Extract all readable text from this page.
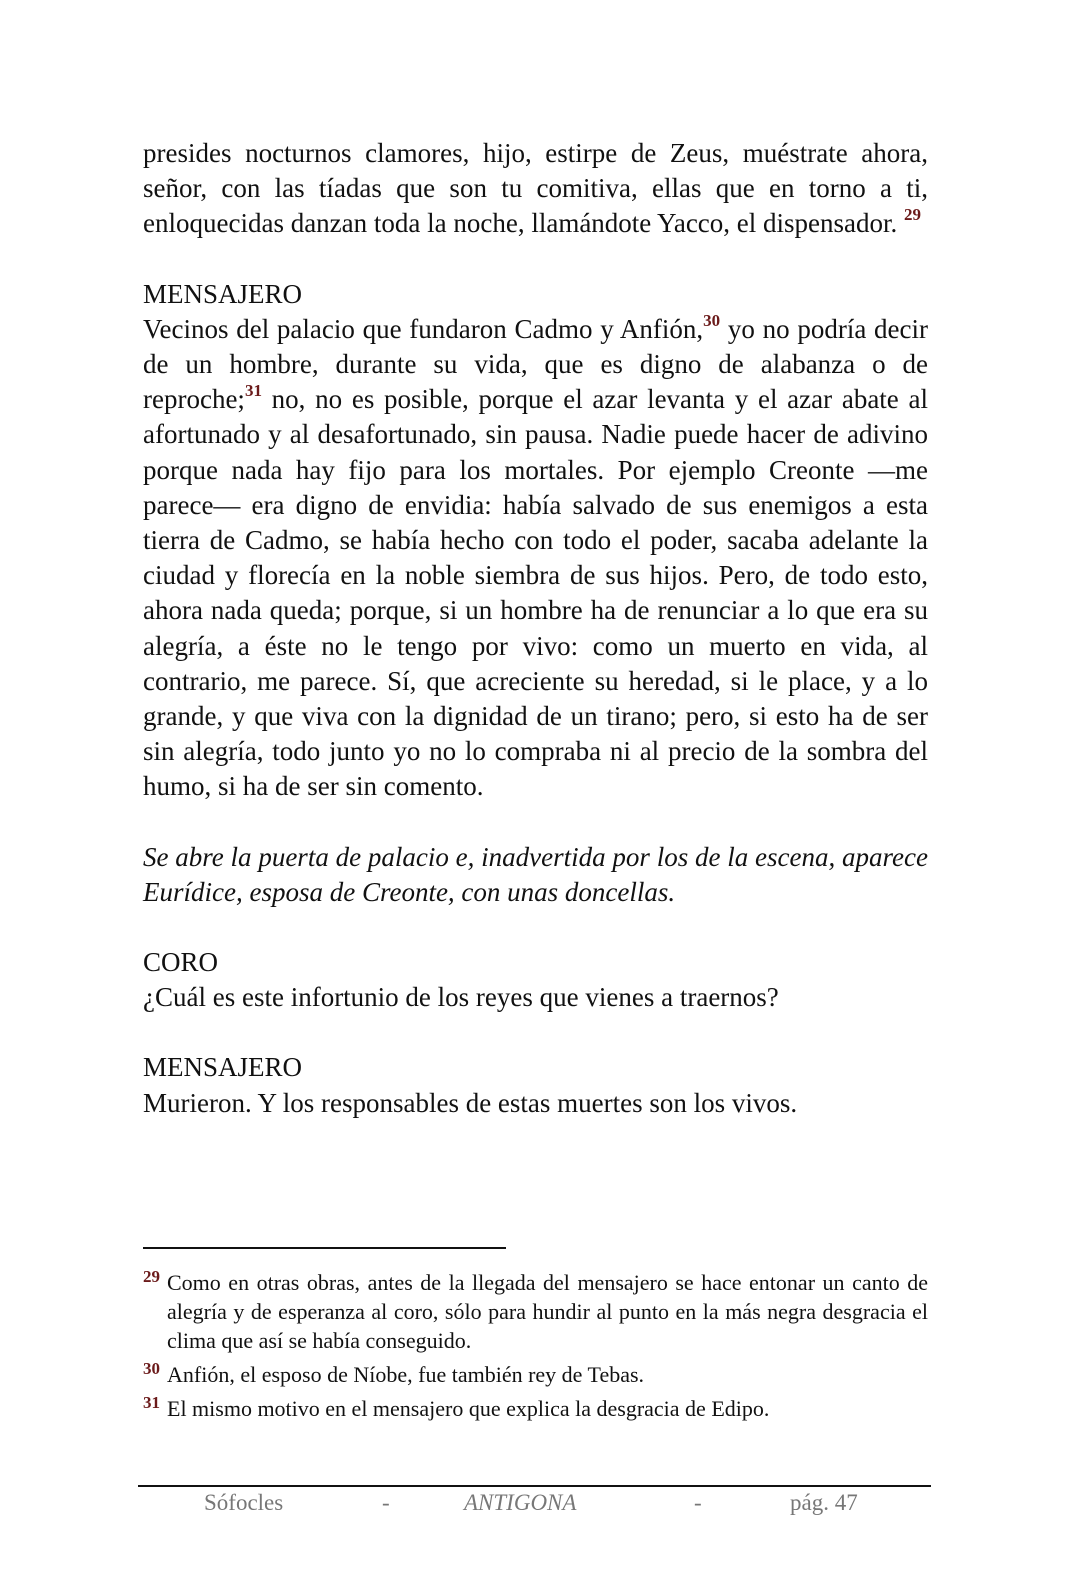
presides nocturnos clamores, hijo, estirpe de Zeus, muéstrate ahora, señor, con las tíadas que son tu comitiva, ellas que en torno a ti, enloquecidas danzan toda la noche, llamándote Yacco, el dispensador. $^{29}$

MENSAJERO

Vecinos del palacio que fundaron Cadmo y Anfión,$^{30}$ yo no podría decir de un hombre, durante su vida, que es digno de alabanza o de reproche;$^{31}$ no, no es posible, porque el azar levanta y el azar abate al afortunado y al desafortunado, sin pausa. Nadie puede hacer de adivino porque nada hay fijo para los mortales. Por ejemplo Creonte —me parece— era digno de envidia: había salvado de sus enemigos a esta tierra de Cadmo, se había hecho con todo el poder, sacaba adelante la ciudad y florecía en la noble siembra de sus hijos. Pero, de todo esto, ahora nada queda; porque, si un hombre ha de renunciar a lo que era su alegría, a éste no le tengo por vivo: como un muerto en vida, al contrario, me parece. Sí, que acreciente su heredad, si le place, y a lo grande, y que viva con la dignidad de un tirano; pero, si esto ha de ser sin alegría, todo junto yo no lo compraba ni al precio de la sombra del humo, si ha de ser sin comento.

Se abre la puerta de palacio e, inadvertida por los de la escena, aparece Eurídice, esposa de Creonte, con unas doncellas.

CORO

¿Cuál es este infortunio de los reyes que vienes a traernos?

MENSAJERO

Murieron. Y los responsables de estas muertes son los vivos.

29 Como en otras obras, antes de la llegada del mensajero se hace entonar un canto de alegría y de esperanza al coro, sólo para hundir al punto en la más negra desgracia el clima que así se había conseguido.
30 Anfión, el esposo de Níobe, fue también rey de Tebas.
31 El mismo motivo en el mensajero que explica la desgracia de Edipo.
Sófocles	-	ANTIGONA	-	pág. 47
